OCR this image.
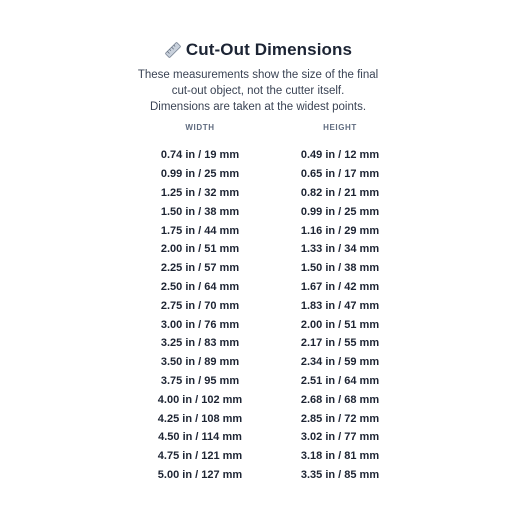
Cut-Out Dimensions
These measurements show the size of the final
cut-out object, not the cutter itself.
Dimensions are taken at the widest points.
WIDTH	HEIGHT
0.74 in / 19 mm	0.49 in / 12 mm
0.99 in / 25 mm	0.65 in / 17 mm
1.25 in / 32 mm	0.82 in / 21 mm
1.50 in / 38 mm	0.99 in / 25 mm
1.75 in / 44 mm	1.16 in / 29 mm
2.00 in / 51 mm	1.33 in / 34 mm
2.25 in / 57 mm	1.50 in / 38 mm
2.50 in / 64 mm	1.67 in / 42 mm
2.75 in / 70 mm	1.83 in / 47 mm
3.00 in / 76 mm	2.00 in / 51 mm
3.25 in / 83 mm	2.17 in / 55 mm
3.50 in / 89 mm	2.34 in / 59 mm
3.75 in / 95 mm	2.51 in / 64 mm
4.00 in / 102 mm	2.68 in / 68 mm
4.25 in / 108 mm	2.85 in / 72 mm
4.50 in / 114 mm	3.02 in / 77 mm
4.75 in / 121 mm	3.18 in / 81 mm
5.00 in / 127 mm	3.35 in / 85 mm
